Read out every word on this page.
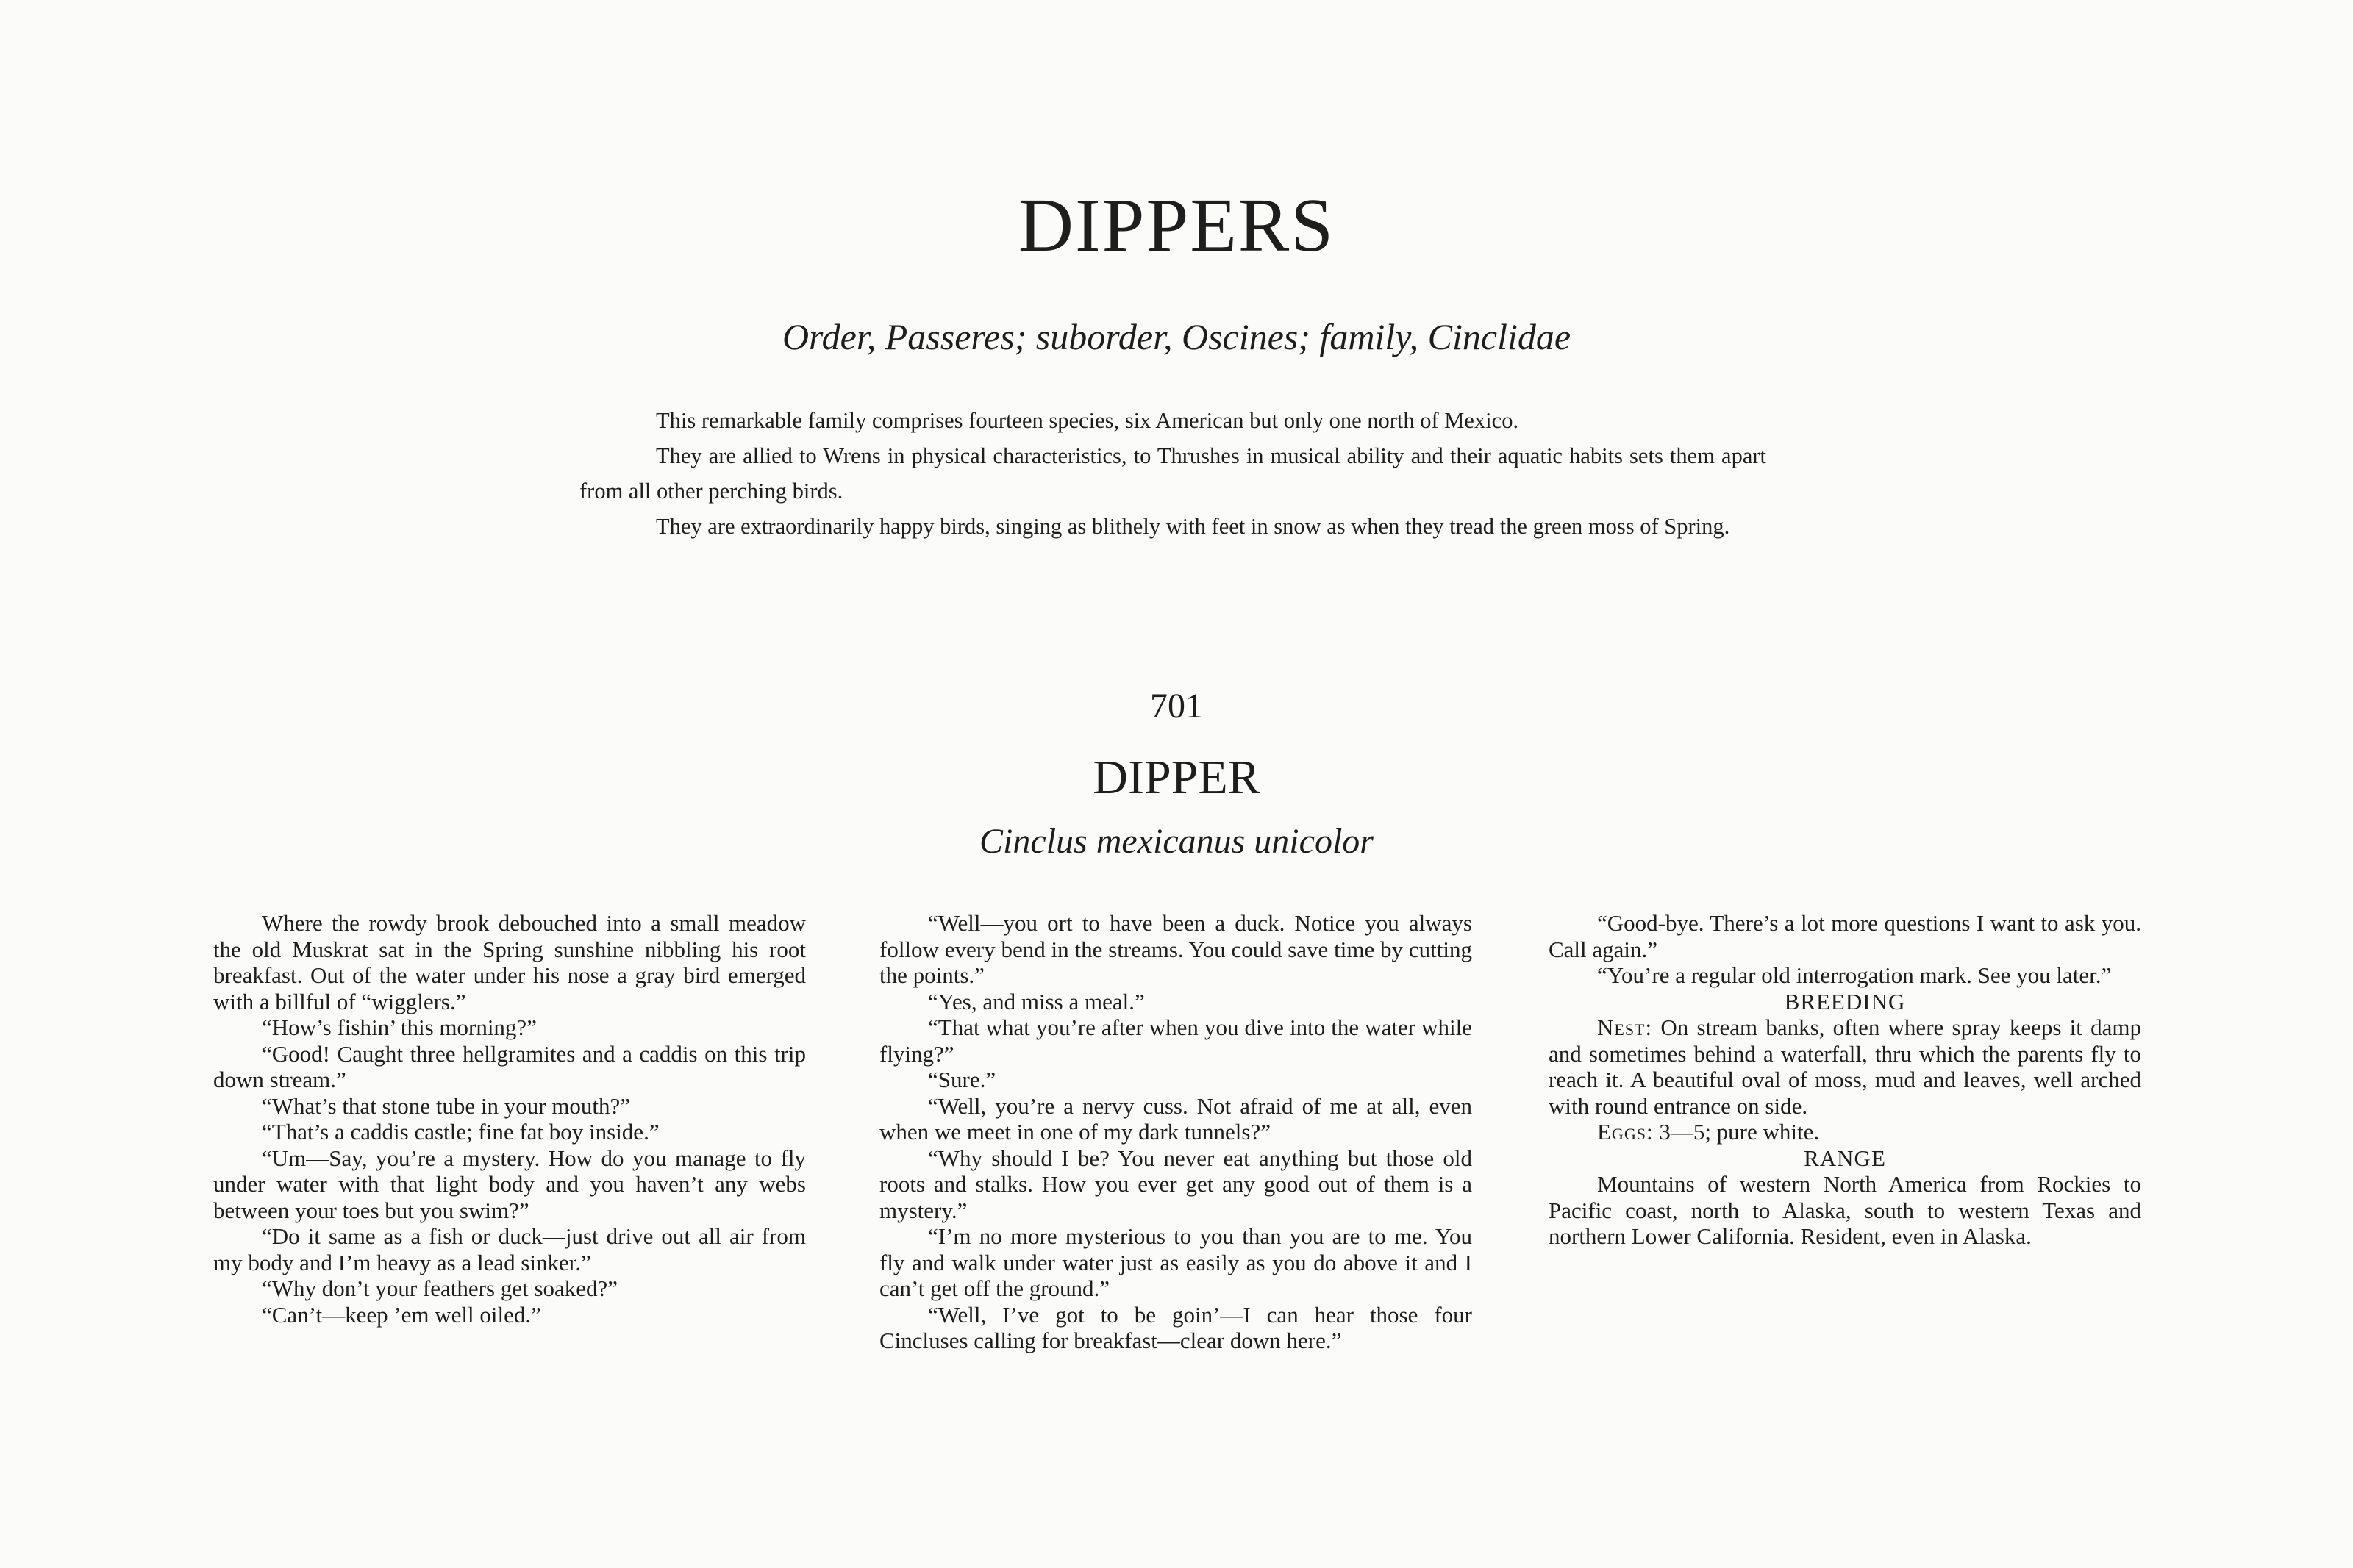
DIPPERS
Order, Passeres; suborder, Oscines; family, Cinclidae

This remarkable family comprises fourteen species, six American but only one north of Mexico.

They are allied to Wrens in physical characteristics, to Thrushes in musical ability and their aquatic habits sets them apart from all other perching birds.

They are extraordinarily happy birds, singing as blithely with feet in snow as when they tread the green moss of Spring.

701
DIPPER
Cinclus mexicanus unicolor

Where the rowdy brook debouched into a small meadow the old Muskrat sat in the Spring sunshine nibbling his root breakfast. Out of the water under his nose a gray bird emerged with a billful of “wigglers.”

“How’s fishin’ this morning?”

“Good! Caught three hellgramites and a caddis on this trip down stream.”

“What’s that stone tube in your mouth?”

“That’s a caddis castle; fine fat boy inside.”

“Um—Say, you’re a mystery. How do you manage to fly under water with that light body and you haven’t any webs between your toes but you swim?”

“Do it same as a fish or duck—just drive out all air from my body and I’m heavy as a lead sinker.”

“Why don’t your feathers get soaked?”

“Can’t—keep ’em well oiled.”

“Well—you ort to have been a duck. Notice you always follow every bend in the streams. You could save time by cutting the points.”

“Yes, and miss a meal.”

“That what you’re after when you dive into the water while flying?”

“Sure.”

“Well, you’re a nervy cuss. Not afraid of me at all, even when we meet in one of my dark tunnels?”

“Why should I be? You never eat anything but those old roots and stalks. How you ever get any good out of them is a mystery.”

“I’m no more mysterious to you than you are to me. You fly and walk under water just as easily as you do above it and I can’t get off the ground.”

“Well, I’ve got to be goin’—I can hear those four Cincluses calling for breakfast—clear down here.”

“Good-bye. There’s a lot more questions I want to ask you. Call again.”

“You’re a regular old interrogation mark. See you later.”

BREEDING

Nest: On stream banks, often where spray keeps it damp and sometimes behind a waterfall, thru which the parents fly to reach it. A beautiful oval of moss, mud and leaves, well arched with round entrance on side.

Eggs: 3—5; pure white.

RANGE

Mountains of western North America from Rockies to Pacific coast, north to Alaska, south to western Texas and northern Lower California. Resident, even in Alaska.
